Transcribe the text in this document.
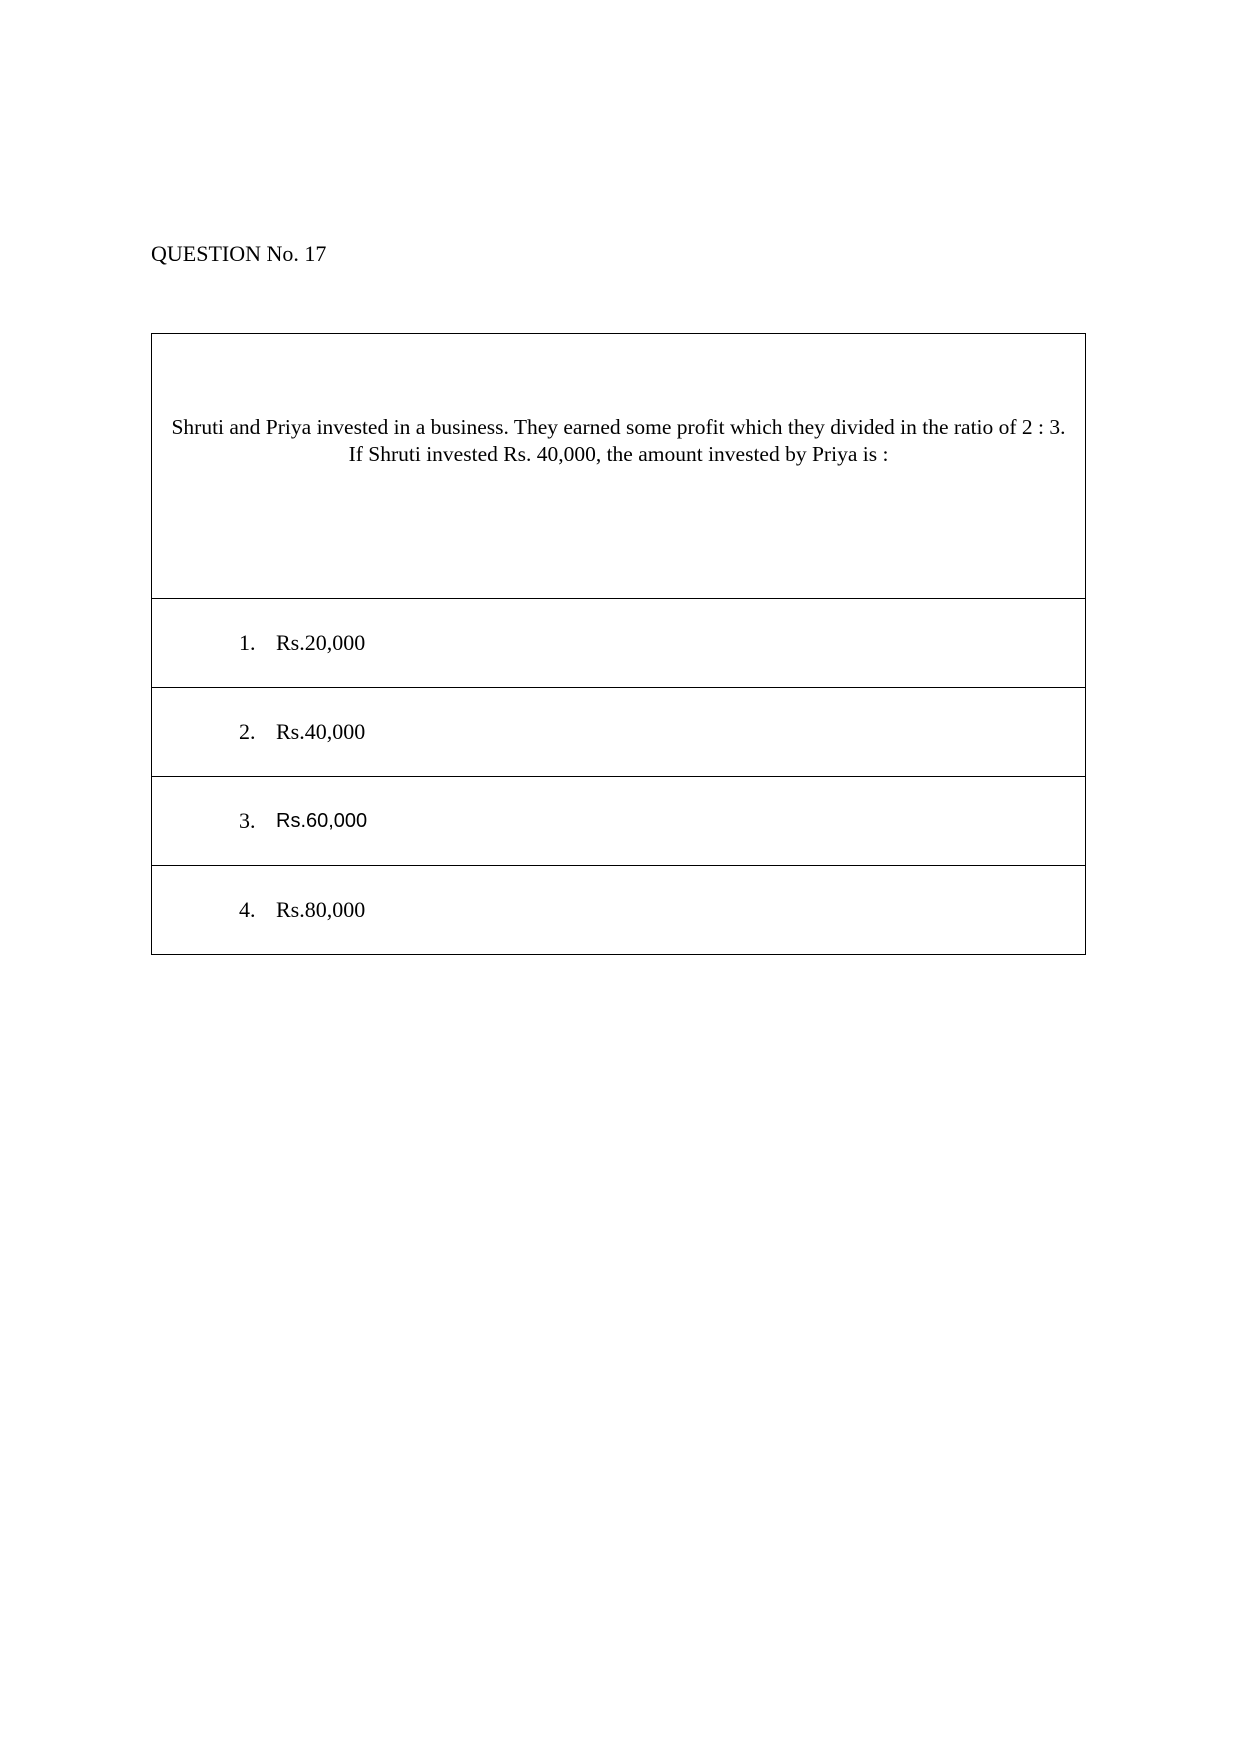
QUESTION No. 17

Shruti and Priya invested in a business. They earned some profit which they divided in the ratio of 2 : 3. If Shruti invested Rs. 40,000, the amount invested by Priya is :

1. Rs.20,000

2. Rs.40,000

3.	Rs.60,000

4. Rs.80,000
